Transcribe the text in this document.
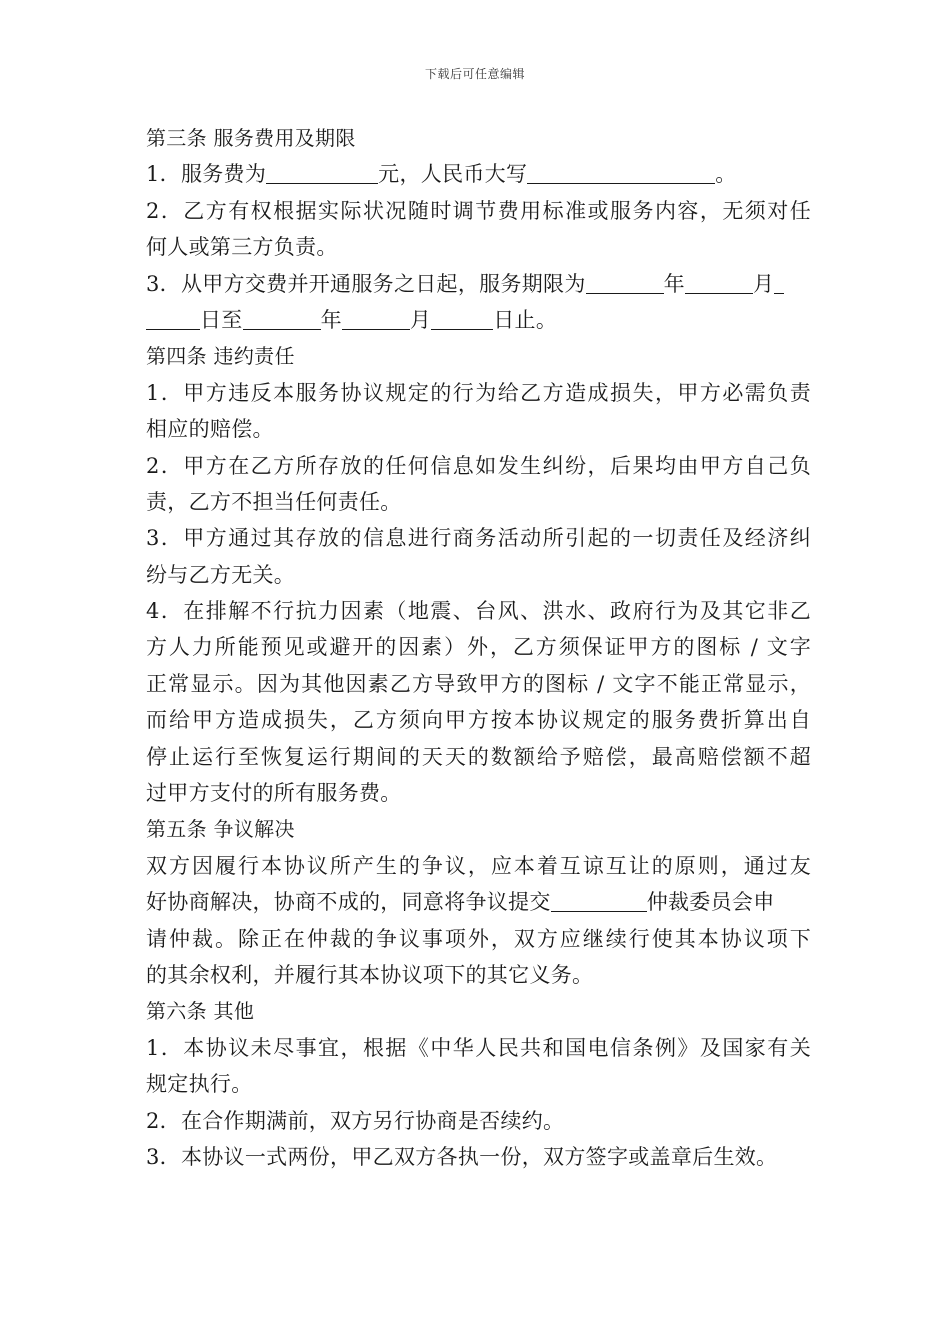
下载后可任意编辑
第三条 服务费用及期限
1．服务费为	元，人民币大写	。
2．乙方有权根据实际状况随时调节费用标准或服务内容，无须对任
何人或第三方负责。
3．从甲方交费并开通服务之日起，服务期限为	年	月
日至	年	月	日止。
第四条 违约责任
1．甲方违反本服务协议规定的行为给乙方造成损失，甲方必需负责
相应的赔偿。
2．甲方在乙方所存放的任何信息如发生纠纷，后果均由甲方自己负
责，乙方不担当任何责任。
3．甲方通过其存放的信息进行商务活动所引起的一切责任及经济纠
纷与乙方无关。
4．在排解不行抗力因素（地震、台风、洪水、政府行为及其它非乙
方人力所能预见或避开的因素）外，乙方须保证甲方的图标 / 文字
正常显示。因为其他因素乙方导致甲方的图标 / 文字不能正常显示，
而给甲方造成损失，乙方须向甲方按本协议规定的服务费折算出自
停止运行至恢复运行期间的天天的数额给予赔偿，最高赔偿额不超
过甲方支付的所有服务费。
第五条 争议解决
双方因履行本协议所产生的争议，应本着互谅互让的原则，通过友
好协商解决，协商不成的，同意将争议提交	仲裁委员会申
请仲裁。除正在仲裁的争议事项外，双方应继续行使其本协议项下
的其余权利，并履行其本协议项下的其它义务。
第六条 其他
1．本协议未尽事宜，根据《中华人民共和国电信条例》及国家有关
规定执行。
2．在合作期满前，双方另行协商是否续约。
3．本协议一式两份，甲乙双方各执一份，双方签字或盖章后生效。
